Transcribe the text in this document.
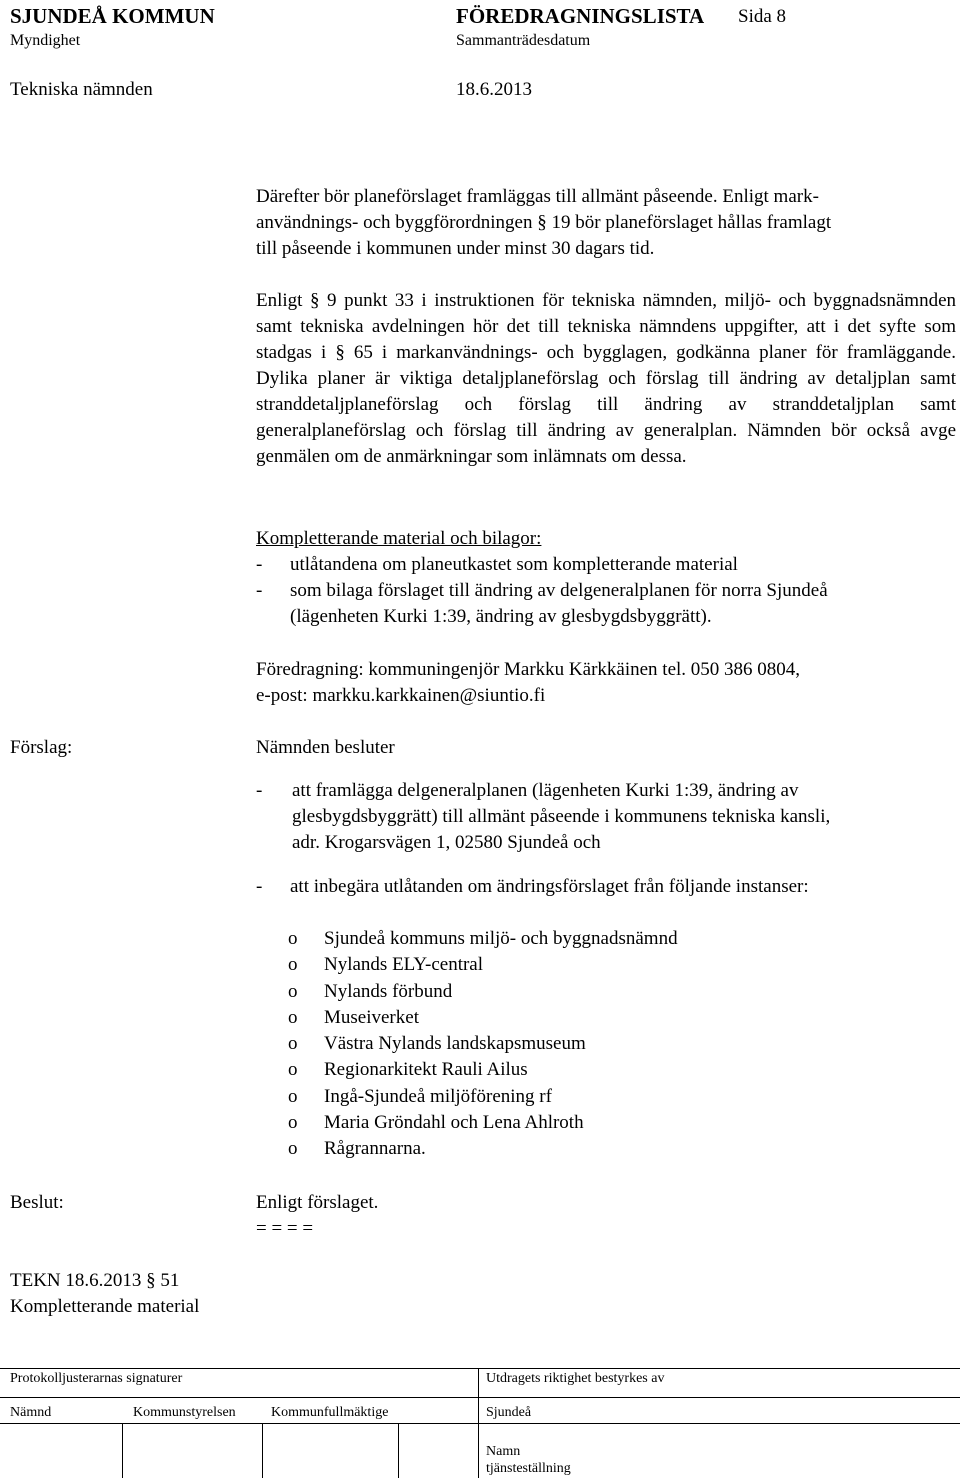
SJUNDEÅ KOMMUN	FÖREDRAGNINGSLISTA Sida 8
Myndighet	Sammanträdesdatum
Tekniska nämnden	18.6.2013
Därefter bör planeförslaget framläggas till allmänt påseende. Enligt mark-
användnings- och byggförordningen § 19 bör planeförslaget hållas framlagt
till påseende i kommunen under minst 30 dagars tid.

Enligt § 9 punkt 33 i instruktionen för tekniska nämnden, miljö- och byggnadsnämnden samt tekniska avdelningen hör det till tekniska nämndens uppgifter, att i det syfte som stadgas i § 65 i markanvändnings- och bygglagen, godkänna planer för framläggande. Dylika planer är viktiga detaljplaneförslag och förslag till ändring av detaljplan samt stranddetaljplaneförslag och förslag till ändring av stranddetaljplan samt generalplaneförslag och förslag till ändring av generalplan. Nämnden bör också avge genmälen om de anmärkningar som inlämnats om dessa.

Kompletterande material och bilagor:
- utlåtandena om planeutkastet som kompletterande material
- som bilaga förslaget till ändring av delgeneralplanen för norra Sjundeå
(lägenheten Kurki 1:39, ändring av glesbygdsbyggrätt).
Föredragning: kommuningenjör Markku Kärkkäinen tel. 050 386 0804,
e-post: markku.karkkainen@siuntio.fi
Förslag:	Nämnden besluter
- att framlägga delgeneralplanen (lägenheten Kurki 1:39, ändring av
glesbygdsbyggrätt) till allmänt påseende i kommunens tekniska kansli,
adr. Krogarsvägen 1, 02580 Sjundeå och
- att inbegära utlåtanden om ändringsförslaget från följande instanser:
o Sjundeå kommuns miljö- och byggnadsnämnd
o Nylands ELY-central
o Nylands förbund
o Museiverket
o Västra Nylands landskapsmuseum
o Regionarkitekt Rauli Ailus
o Ingå-Sjundeå miljöförening rf
o Maria Gröndahl och Lena Ahlroth
o Rågrannarna.
Beslut:	Enligt förslaget.
= = = =
TEKN 18.6.2013 § 51
Kompletterande material
Protokolljusterarnas signaturer	Utdragets riktighet bestyrkes av
Nämnd	Kommunstyrelsen	Kommunfullmäktige	Sjundeå
Namn
tjänsteställning
